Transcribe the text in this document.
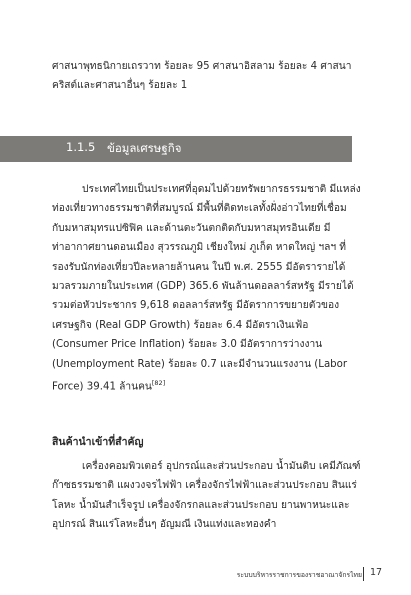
ศาสนาพุทธนิกายเถรวาท ร้อยละ 95 ศาสนาอิสลาม ร้อยละ 4 ศาสนา
คริสต์และศาสนาอื่นๆ ร้อยละ 1

1.1.5 ข้อมูลเศรษฐกิจ

ประเทศไทยเป็นประเทศที่อุดมไปด้วยทรัพยากรธรรมชาติ มีแหล่ง
ท่องเที่ยวทางธรรมชาติที่สมบูรณ์ มีพื้นที่ติดทะเลทั้งฝั่งอ่าวไทยที่เชื่อม
กับมหาสมุทรแปซิฟิค และด้านตะวันตกติดกับมหาสมุทรอินเดีย มี
ท่าอากาศยานดอนเมือง สุวรรณภูมิ เชียงใหม่ ภูเก็ต หาดใหญ่ ฯลฯ ที่
รองรับนักท่องเที่ยวปีละหลายล้านคน ในปี พ.ศ. 2555 มีอัตรารายได้
มวลรวมภายในประเทศ (GDP) 365.6 พันล้านดอลลาร์สหรัฐ มีรายได้
รวมต่อหัวประชากร 9,618 ดอลลาร์สหรัฐ มีอัตราการขยายตัวของ
เศรษฐกิจ (Real GDP Growth) ร้อยละ 6.4 มีอัตราเงินเฟ้อ
(Consumer Price Inflation) ร้อยละ 3.0 มีอัตราการว่างงาน
(Unemployment Rate) ร้อยละ 0.7 และมีจำนวนแรงงาน (Labor
Force) 39.41 ล้านคน[82]

สินค้านำเข้าที่สำคัญ

เครื่องคอมพิวเตอร์ อุปกรณ์และส่วนประกอบ น้ำมันดิบ เคมีภัณฑ์
ก๊าซธรรมชาติ แผงวงจรไฟฟ้า เครื่องจักรไฟฟ้าและส่วนประกอบ สินแร่
โลหะ น้ำมันสำเร็จรูป เครื่องจักรกลและส่วนประกอบ ยานพาหนะและ
อุปกรณ์ สินแร่โลหะอื่นๆ อัญมณี เงินแท่งและทองคำ

ระบบบริหารราชการของราชอาณาจักรไทย 17
